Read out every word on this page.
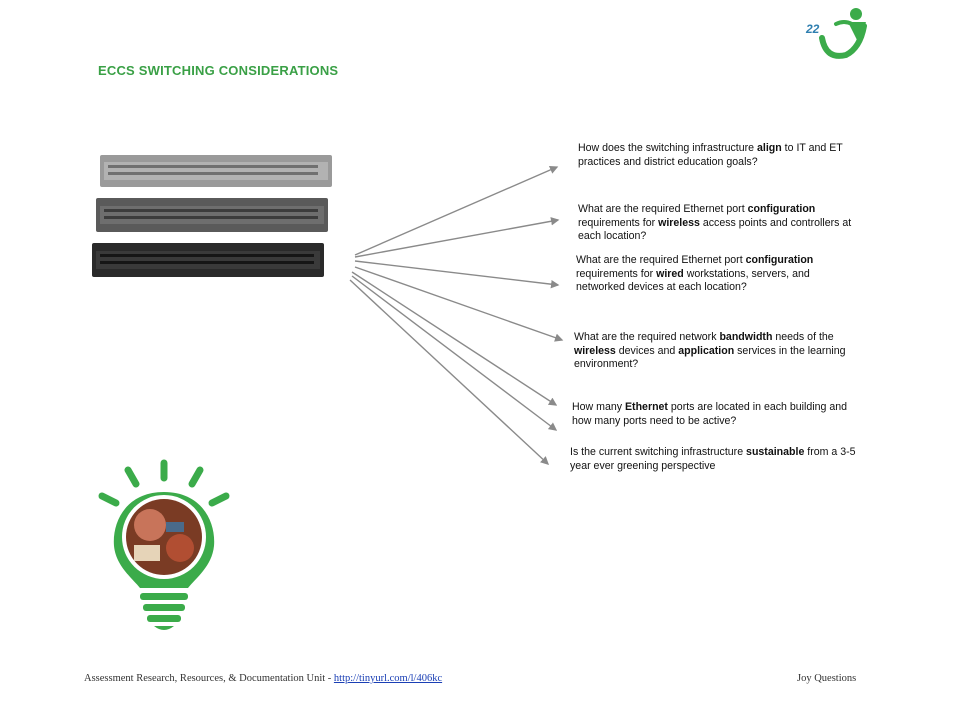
22
ECCS SWITCHING CONSIDERATIONS
How does the switching infrastructure align to IT and ET practices and district education goals?
What are the required Ethernet port configuration requirements for wireless access points and controllers at each location?
What are the required Ethernet port configuration requirements for wired workstations, servers, and networked devices at each location?
What are the required network bandwidth needs of the wireless devices and application services in the learning environment?
How many Ethernet ports are located in each building and how many ports need to be active?
Is the current switching infrastructure sustainable from a 3-5 year ever greening perspective
Assessment Research, Resources, & Documentation Unit - http://tinyurl.com/l/406kc	Joy Questions
